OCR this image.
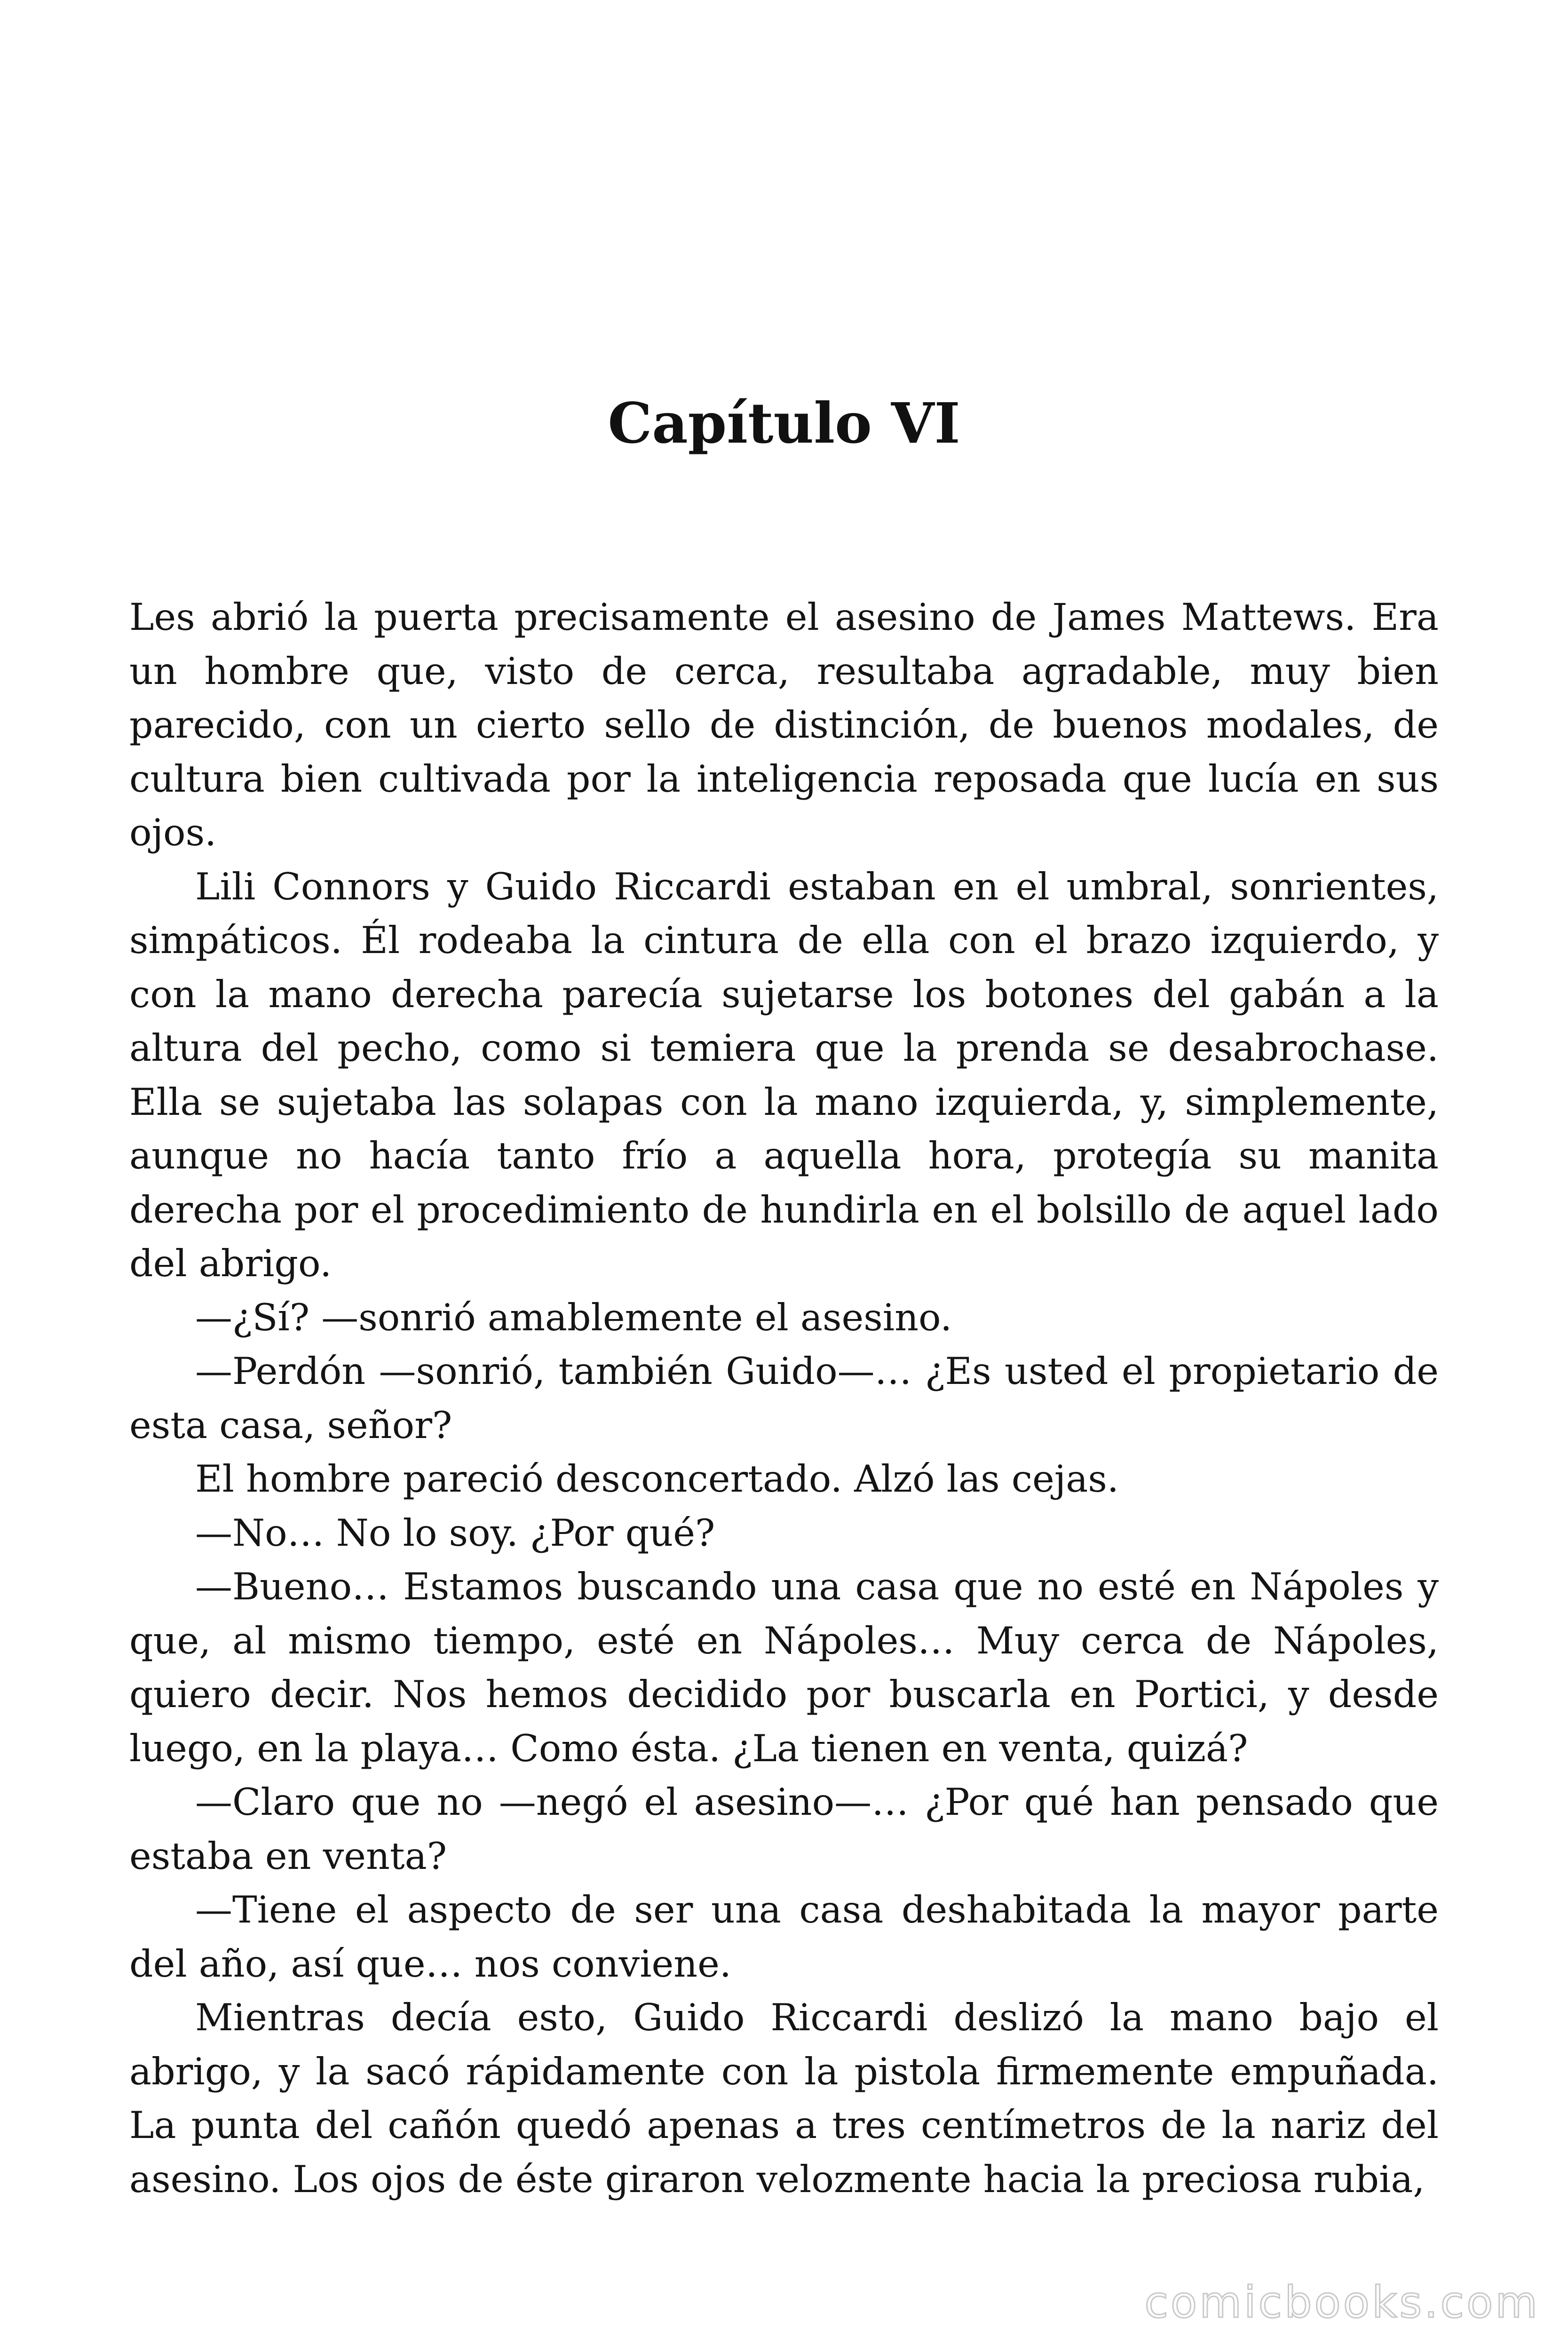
Capítulo VI

Les abrió la puerta precisamente el asesino de James Mattews. Era un hombre que, visto de cerca, resultaba agradable, muy bien parecido, con un cierto sello de distinción, de buenos modales, de cultura bien cultivada por la inteligencia reposada que lucía en sus ojos.

Lili Connors y Guido Riccardi estaban en el umbral, sonrientes, simpáticos. Él rodeaba la cintura de ella con el brazo izquierdo, y con la mano derecha parecía sujetarse los botones del gabán a la altura del pecho, como si temiera que la prenda se desabrochase. Ella se sujetaba las solapas con la mano izquierda, y, simplemente, aunque no hacía tanto frío a aquella hora, protegía su manita derecha por el procedimiento de hundirla en el bolsillo de aquel lado del abrigo.

—¿Sí? —sonrió amablemente el asesino.

—Perdón —sonrió, también Guido—… ¿Es usted el propietario de esta casa, señor?

El hombre pareció desconcertado. Alzó las cejas.

—No… No lo soy. ¿Por qué?

—Bueno… Estamos buscando una casa que no esté en Nápoles y que, al mismo tiempo, esté en Nápoles… Muy cerca de Nápoles, quiero decir. Nos hemos decidido por buscarla en Portici, y desde luego, en la playa… Como ésta. ¿La tienen en venta, quizá?

—Claro que no —negó el asesino—… ¿Por qué han pensado que estaba en venta?

—Tiene el aspecto de ser una casa deshabitada la mayor parte del año, así que… nos conviene.

Mientras decía esto, Guido Riccardi deslizó la mano bajo el abrigo, y la sacó rápidamente con la pistola firmemente empuñada. La punta del cañón quedó apenas a tres centímetros de la nariz del asesino. Los ojos de éste giraron velozmente hacia la preciosa rubia,

comicbooks.com
